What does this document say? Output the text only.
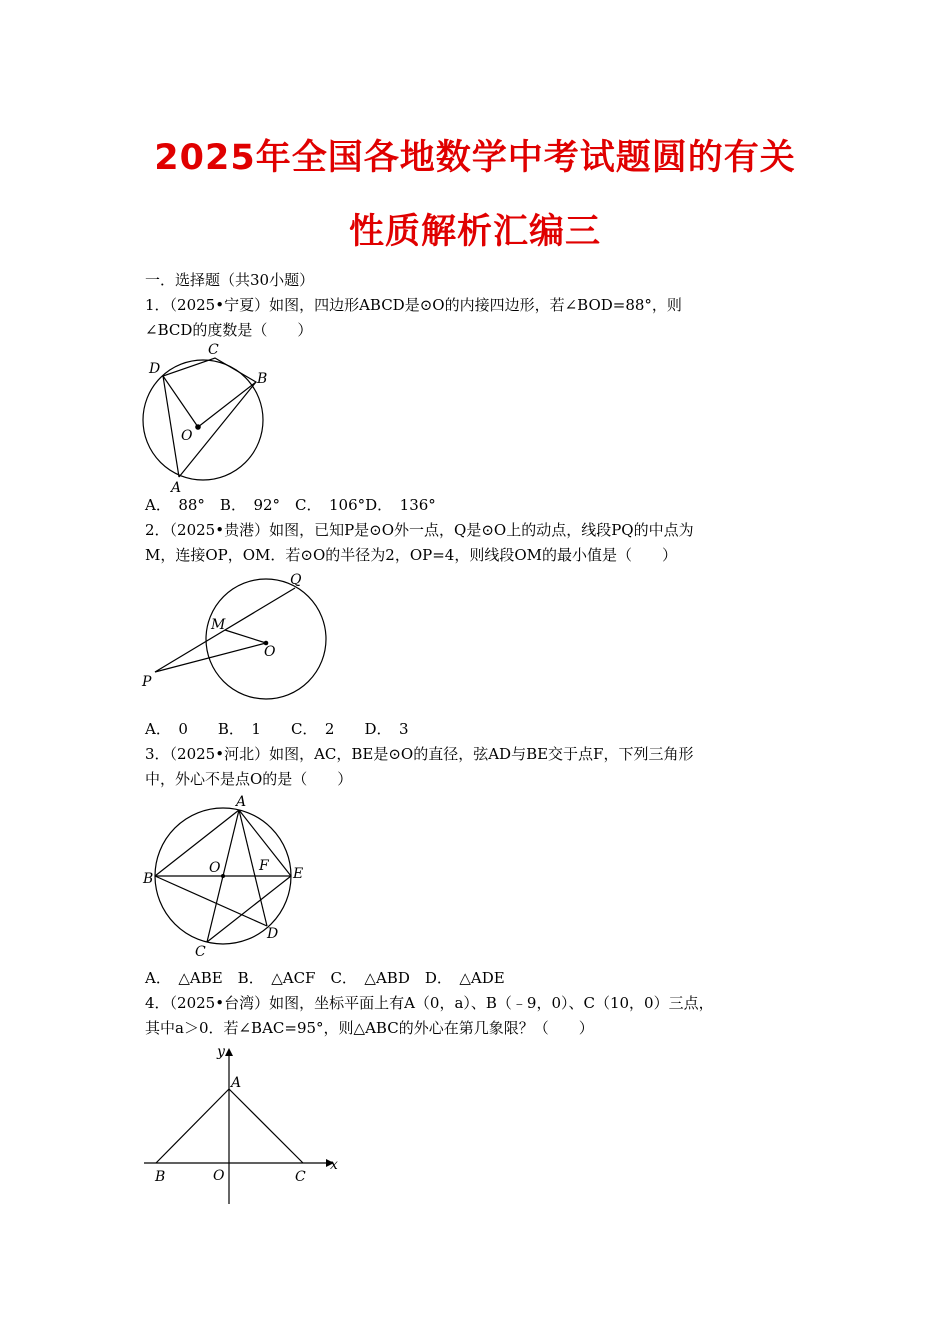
2025年全国各地数学中考试题圆的有关
性质解析汇编三
一．选择题（共30小题）
1．（2025•宁夏）如图，四边形ABCD是⊙O的内接四边形，若∠BOD=88°，则
∠BCD的度数是（　　）
D
C
B
O
A
A．　88°　B．　92°　C．　106°D．　136°
2．（2025•贵港）如图，已知P是⊙O外一点，Q是⊙O上的动点，线段PQ的中点为
M，连接OP，OM．若⊙O的半径为2，OP=4，则线段OM的最小值是（　　）
Q
M
O
P
A．　0　　B．　1　　C．　2　　D．　3
3．（2025•河北）如图，AC，BE是⊙O的直径，弦AD与BE交于点F，下列三角形
中，外心不是点O的是（　　）
A
B
O	F E
D
C
A．　△ABE　B．　△ACF　C．　△ABD　D．　△ADE
4．（2025•台湾）如图，坐标平面上有A（0，a）、B（﹣9，0）、C（10，0）三点，
其中a＞0．若∠BAC=95°，则△ABC的外心在第几象限？（　　）
y
A
x
B	O	C
